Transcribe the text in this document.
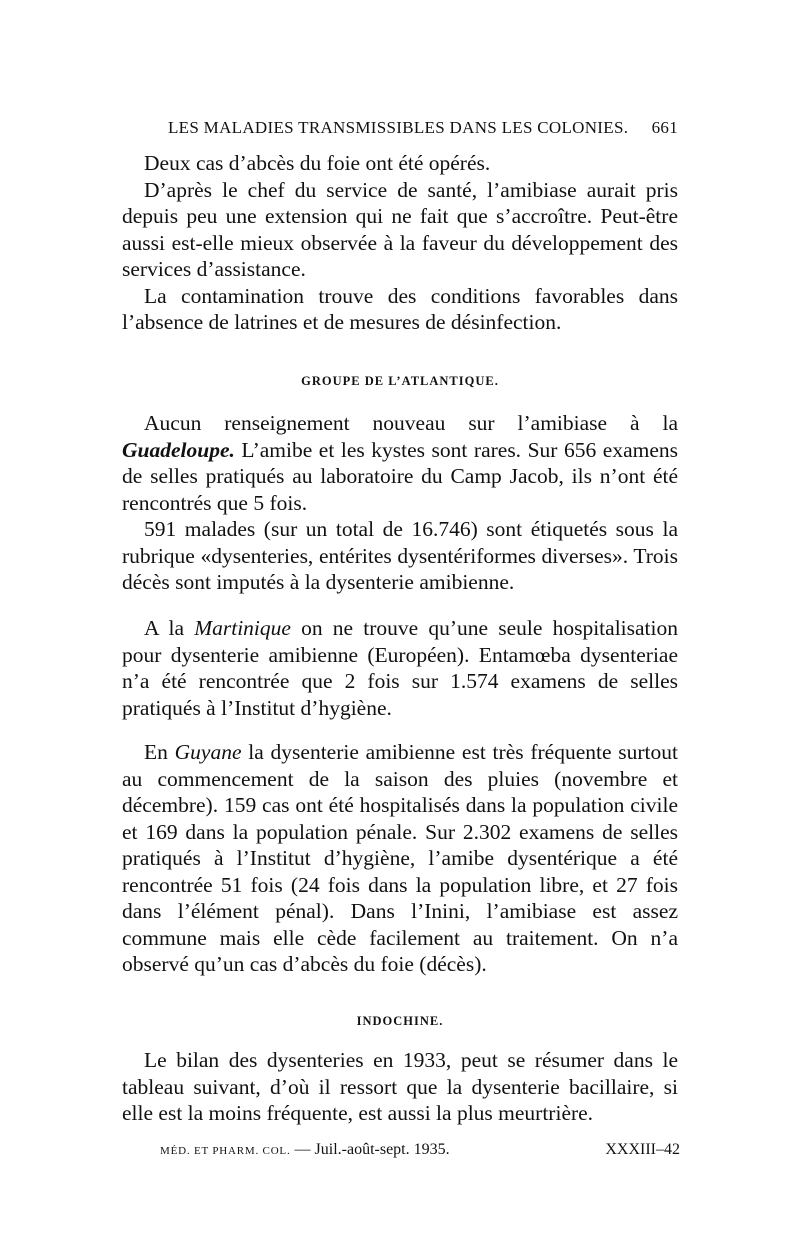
LES MALADIES TRANSMISSIBLES DANS LES COLONIES. 661

Deux cas d’abcès du foie ont été opérés.

D’après le chef du service de santé, l’amibiase aurait pris depuis peu une extension qui ne fait que s’accroître. Peut-être aussi est-elle mieux observée à la faveur du développement des services d’assistance.

La contamination trouve des conditions favorables dans l’absence de latrines et de mesures de désinfection.

GROUPE DE L’ATLANTIQUE.

Aucun renseignement nouveau sur l’amibiase à la Guadeloupe. L’amibe et les kystes sont rares. Sur 656 examens de selles pratiqués au laboratoire du Camp Jacob, ils n’ont été rencontrés que 5 fois.

591 malades (sur un total de 16.746) sont étiquetés sous la rubrique «dysenteries, entérites dysentériformes diverses». Trois décès sont imputés à la dysenterie amibienne.

A la Martinique on ne trouve qu’une seule hospitalisation pour dysenterie amibienne (Européen). Entamœba dysenteriae n’a été rencontrée que 2 fois sur 1.574 examens de selles pratiqués à l’Institut d’hygiène.

En Guyane la dysenterie amibienne est très fréquente surtout au commencement de la saison des pluies (novembre et décembre). 159 cas ont été hospitalisés dans la population civile et 169 dans la population pénale. Sur 2.302 examens de selles pratiqués à l’Institut d’hygiène, l’amibe dysentérique a été rencontrée 51 fois (24 fois dans la population libre, et 27 fois dans l’élément pénal). Dans l’Inini, l’amibiase est assez commune mais elle cède facilement au traitement. On n’a observé qu’un cas d’abcès du foie (décès).

INDOCHINE.

Le bilan des dysenteries en 1933, peut se résumer dans le tableau suivant, d’où il ressort que la dysenterie bacillaire, si elle est la moins fréquente, est aussi la plus meurtrière.

MÉD. ET PHARM. COL. — Juil.-août-sept. 1935.	XXXIII–42
